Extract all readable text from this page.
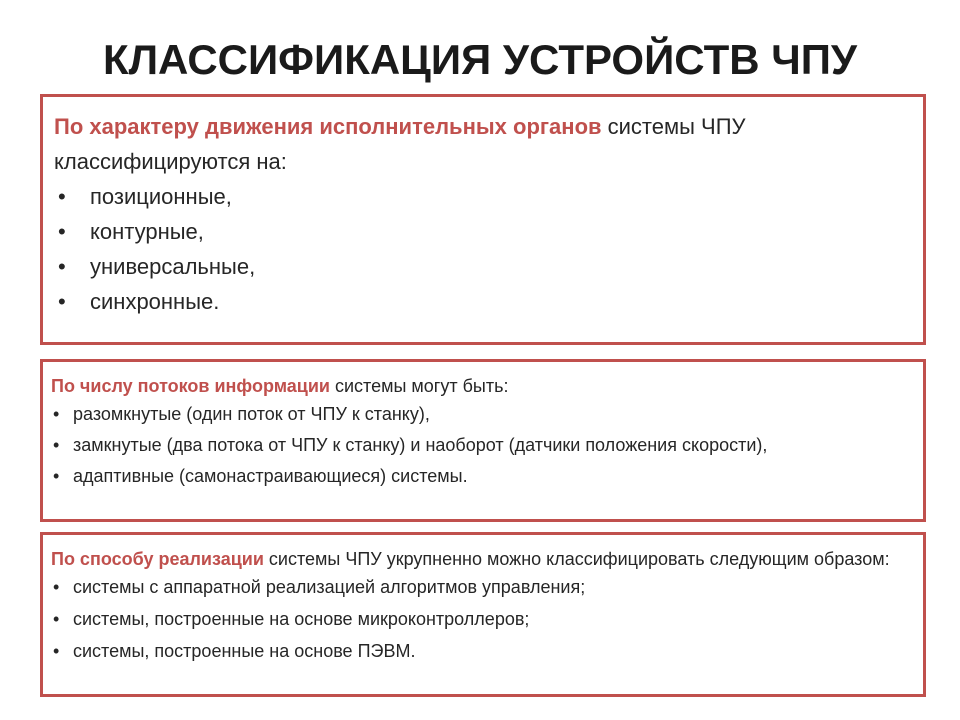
КЛАССИФИКАЦИЯ УСТРОЙСТВ ЧПУ

По характеру движения исполнительных органов системы ЧПУ классифицируются на:

• позиционные,
• контурные,
• универсальные,
• синхронные.

По числу потоков информации системы могут быть:

• разомкнутые (один поток от ЧПУ к станку),
• замкнутые (два потока от ЧПУ к станку) и наоборот (датчики положения скорости),
• адаптивные (самонастраивающиеся) системы.

По способу реализации системы ЧПУ укрупненно можно классифицировать следующим образом:

• системы с аппаратной реализацией алгоритмов управления;
• системы, построенные на основе микроконтроллеров;
• системы, построенные на основе ПЭВМ.
